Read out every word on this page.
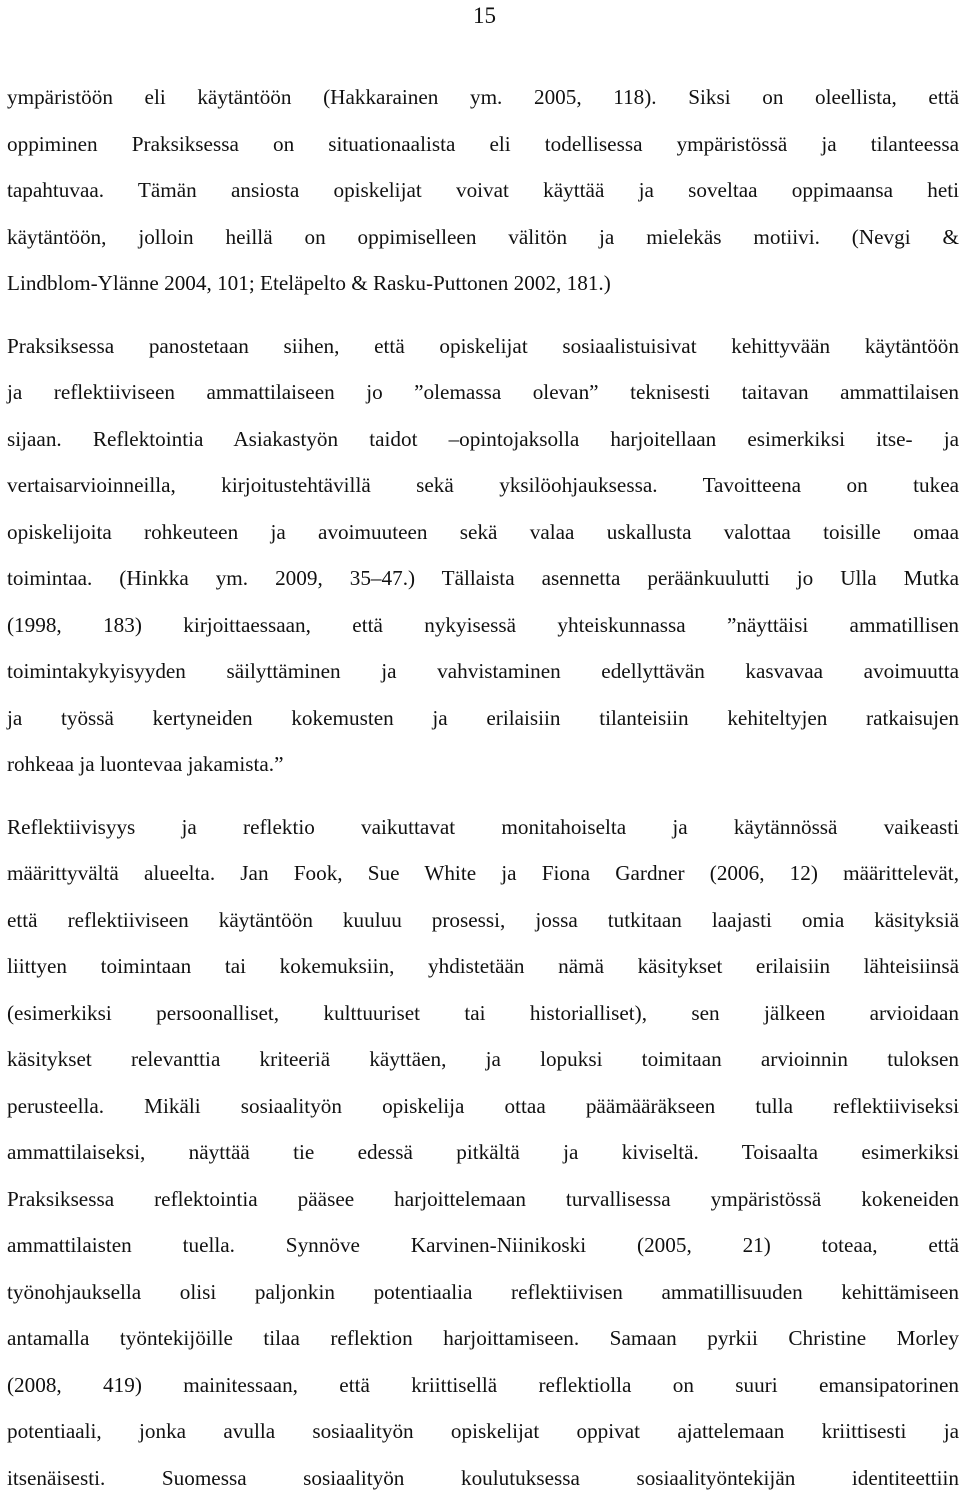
15
ympäristöön eli käytäntöön (Hakkarainen ym. 2005, 118). Siksi on oleellista, että
oppiminen Praksiksessa on situationaalista eli todellisessa ympäristössä ja tilanteessa
tapahtuvaa. Tämän ansiosta opiskelijat voivat käyttää ja soveltaa oppimaansa heti
käytäntöön, jolloin heillä on oppimiselleen välitön ja mielekäs motiivi. (Nevgi &
Lindblom-Ylänne 2004, 101; Eteläpelto & Rasku-Puttonen 2002, 181.)
Praksiksessa panostetaan siihen, että opiskelijat sosiaalistuisivat kehittyvään käytäntöön
ja reflektiiviseen ammattilaiseen jo ”olemassa olevan” teknisesti taitavan ammattilaisen
sijaan. Reflektointia Asiakastyön taidot –opintojaksolla harjoitellaan esimerkiksi itse- ja
vertaisarvioinneilla, kirjoitustehtävillä sekä yksilöohjauksessa. Tavoitteena on tukea
opiskelijoita rohkeuteen ja avoimuuteen sekä valaa uskallusta valottaa toisille omaa
toimintaa. (Hinkka ym. 2009, 35–47.) Tällaista asennetta peräänkuulutti jo Ulla Mutka
(1998, 183) kirjoittaessaan, että nykyisessä yhteiskunnassa ”näyttäisi ammatillisen
toimintakykyisyyden säilyttäminen ja vahvistaminen edellyttävän kasvavaa avoimuutta
ja työssä kertyneiden kokemusten ja erilaisiin tilanteisiin kehiteltyjen ratkaisujen
rohkeaa ja luontevaa jakamista.”
Reflektiivisyys ja reflektio vaikuttavat monitahoiselta ja käytännössä vaikeasti
määrittyvältä alueelta. Jan Fook, Sue White ja Fiona Gardner (2006, 12) määrittelevät,
että reflektiiviseen käytäntöön kuuluu prosessi, jossa tutkitaan laajasti omia käsityksiä
liittyen toimintaan tai kokemuksiin, yhdistetään nämä käsitykset erilaisiin lähteisiinsä
(esimerkiksi persoonalliset, kulttuuriset tai historialliset), sen jälkeen arvioidaan
käsitykset relevanttia kriteeriä käyttäen, ja lopuksi toimitaan arvioinnin tuloksen
perusteella. Mikäli sosiaalityön opiskelija ottaa päämääräkseen tulla reflektiiviseksi
ammattilaiseksi, näyttää tie edessä pitkältä ja kiviseltä. Toisaalta esimerkiksi
Praksiksessa reflektointia pääsee harjoittelemaan turvallisessa ympäristössä kokeneiden
ammattilaisten tuella. Synnöve Karvinen-Niinikoski (2005, 21) toteaa, että
työnohjauksella olisi paljonkin potentiaalia reflektiivisen ammatillisuuden kehittämiseen
antamalla työntekijöille tilaa reflektion harjoittamiseen. Samaan pyrkii Christine Morley
(2008, 419) mainitessaan, että kriittisellä reflektiolla on suuri emansipatorinen
potentiaali, jonka avulla sosiaalityön opiskelijat oppivat ajattelemaan kriittisesti ja
itsenäisesti. Suomessa sosiaalityön koulutuksessa sosiaalityöntekijän identiteettiin
